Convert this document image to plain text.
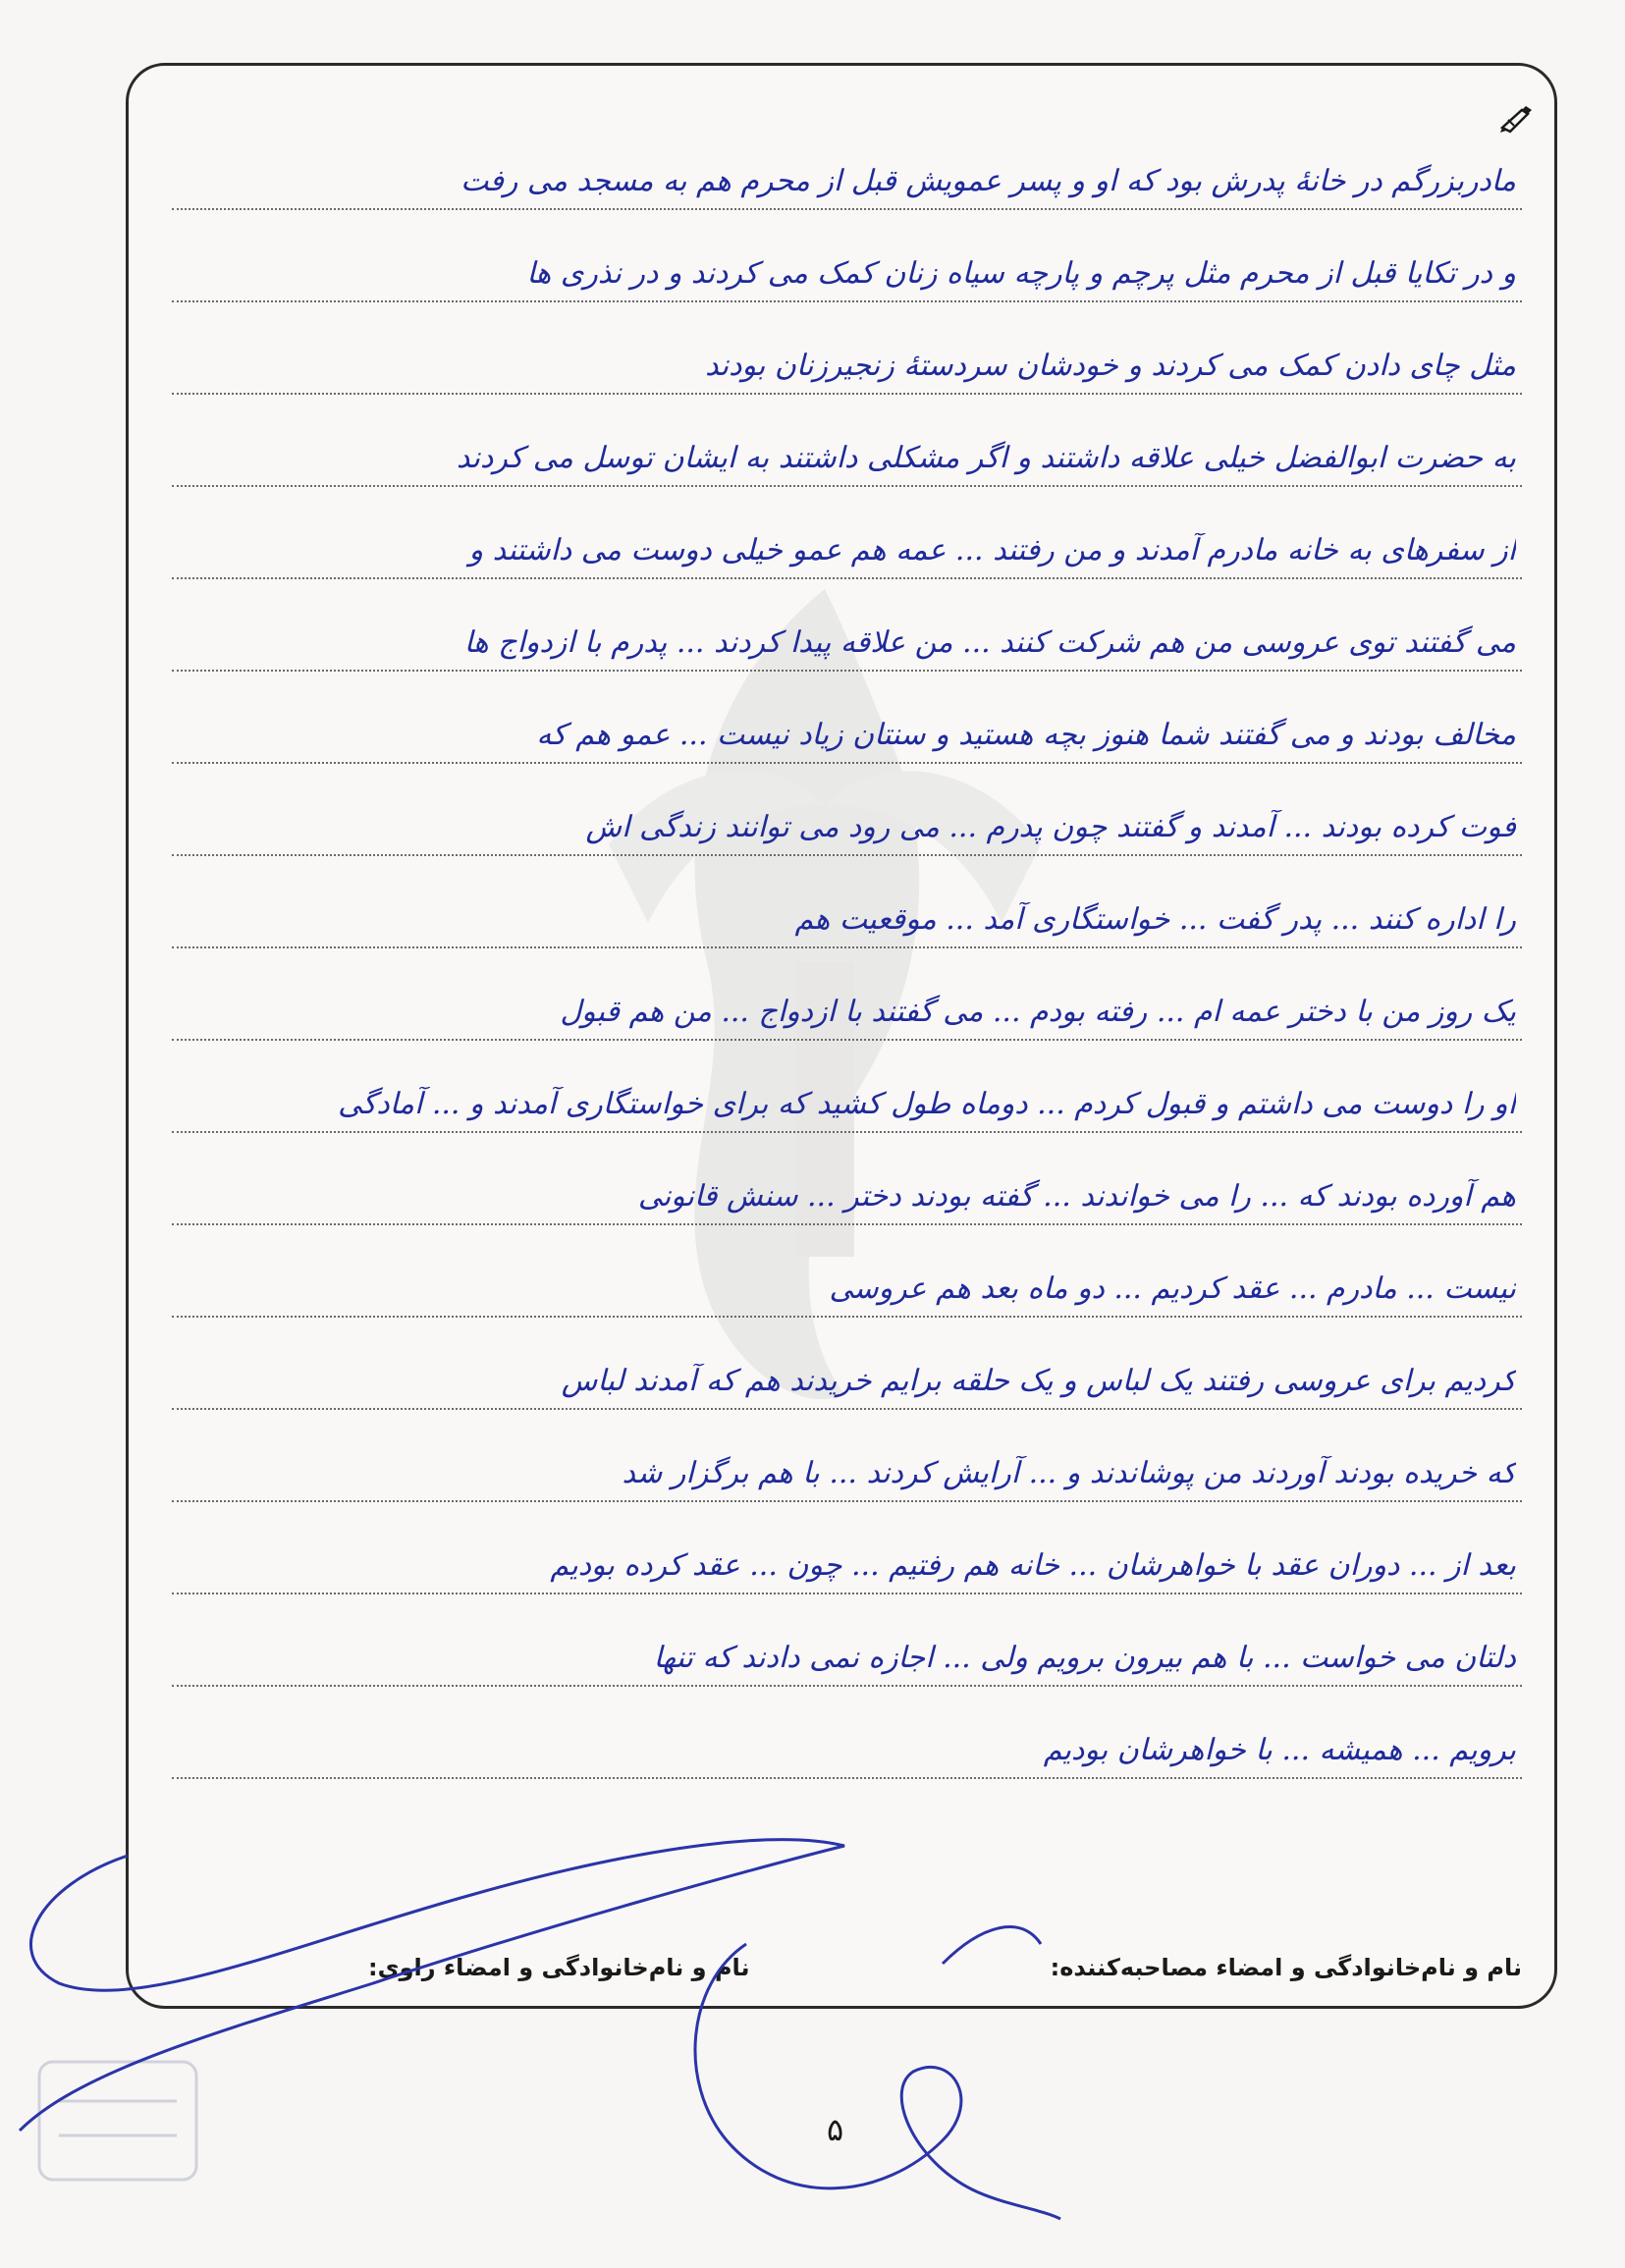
مادربزرگم در خانهٔ پدرش بود که او و پسر عمویش قبل از محرم هم به مسجد می رفت
و در تکایا قبل از محرم مثل پرچم و پارچه سیاه زنان کمک می کردند و در نذری ها
مثل چای دادن کمک می کردند و خودشان سردستهٔ زنجیرزنان بودند
به حضرت ابوالفضل خیلی علاقه داشتند و اگر مشکلی داشتند به ایشان توسل می کردند
از سفرهای به خانه مادرم آمدند و من رفتند ... عمه هم عمو خیلی دوست می داشتند و
می گفتند توی عروسی من هم شرکت کنند ... من علاقه پیدا کردند ... پدرم با ازدواج ها
مخالف بودند و می گفتند شما هنوز بچه هستید و سنتان زیاد نیست ... عمو هم که
فوت کرده بودند ... آمدند و گفتند چون پدرم ... می رود می توانند زندگی اش
را اداره کنند ... پدر گفت ... خواستگاری آمد ... موقعیت هم
یک روز من با دختر عمه ام ... رفته بودم ... می گفتند با ازدواج ... من هم قبول
او را دوست می داشتم و قبول کردم ... دوماه طول کشید که برای خواستگاری آمدند و ... آمادگی
هم آورده بودند که ... را می خواندند ... گفته بودند دختر ... سنش قانونی
نیست ... مادرم ... عقد کردیم ... دو ماه بعد هم عروسی
کردیم برای عروسی رفتند یک لباس و یک حلقه برایم خریدند هم که آمدند لباس
که خریده بودند آوردند من پوشاندند و ... آرایش کردند ... با هم برگزار شد
بعد از ... دوران عقد با خواهرشان ... خانه هم رفتیم ... چون ... عقد کرده بودیم
دلتان می خواست ... با هم بیرون برویم ولی ... اجازه نمی دادند که تنها
برویم ... همیشه ... با خواهرشان بودیم
نام و نام‌خانوادگی و امضاء مصاحبه‌کننده:
نام و نام‌خانوادگی و امضاء راوی:
۵
